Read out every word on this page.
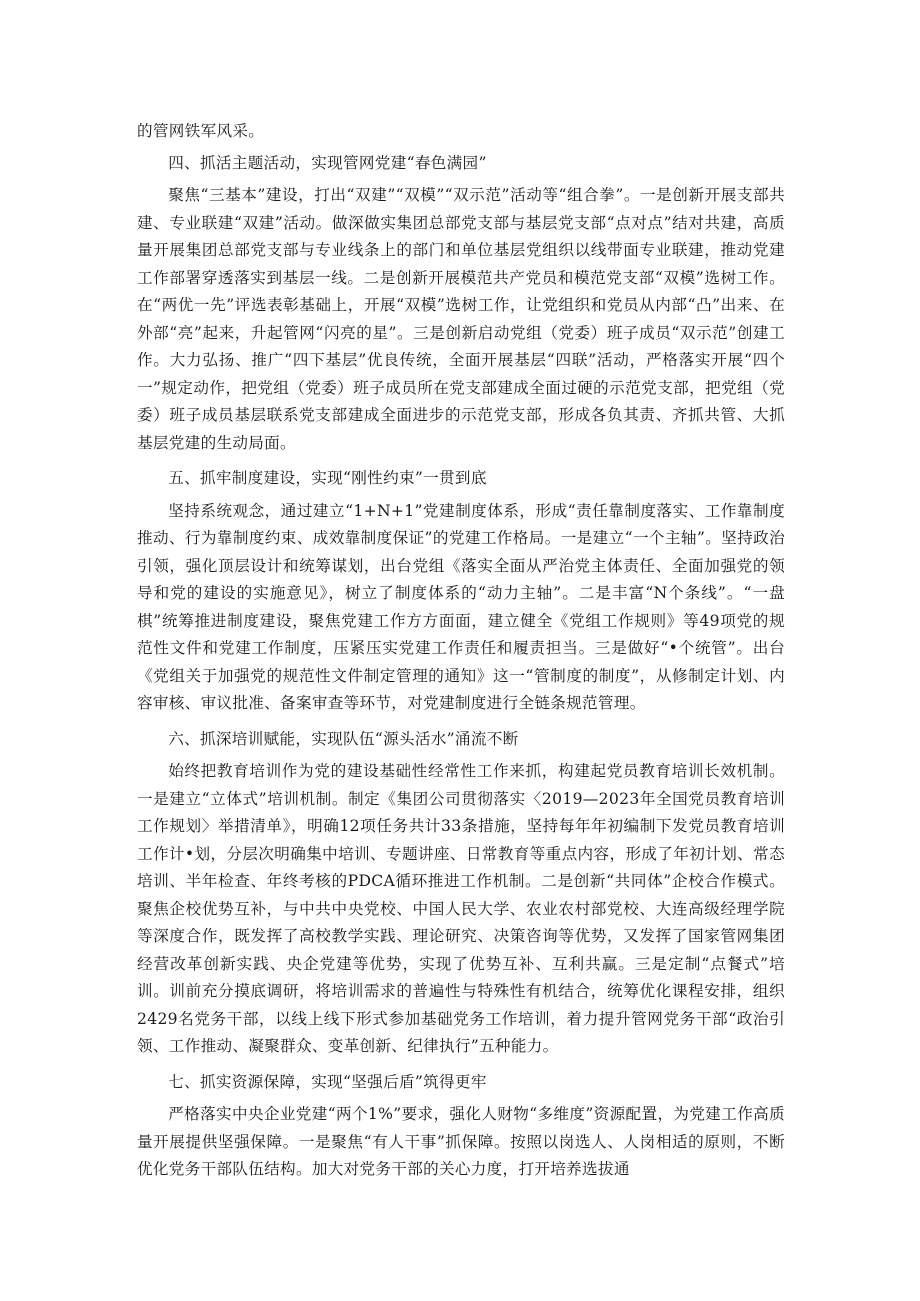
的管网铁军风采。

四、抓活主题活动，实现管网党建“春色满园”

聚焦“三基本”建设，打出“双建”“双模”“双示范”活动等“组合拳”。一是创新开展支部共建、专业联建“双建”活动。做深做实集团总部党支部与基层党支部“点对点”结对共建，高质量开展集团总部党支部与专业线条上的部门和单位基层党组织以线带面专业联建，推动党建工作部署穿透落实到基层一线。二是创新开展模范共产党员和模范党支部“双模”选树工作。在“两优一先”评选表彰基础上，开展“双模”选树工作，让党组织和党员从内部“凸”出来、在外部“亮”起来，升起管网“闪亮的星”。三是创新启动党组（党委）班子成员“双示范”创建工作。大力弘扬、推广“四下基层”优良传统，全面开展基层“四联”活动，严格落实开展“四个一”规定动作，把党组（党委）班子成员所在党支部建成全面过硬的示范党支部，把党组（党委）班子成员基层联系党支部建成全面进步的示范党支部，形成各负其责、齐抓共管、大抓基层党建的生动局面。

五、抓牢制度建设，实现“刚性约束”一贯到底

坚持系统观念，通过建立“1+N+1”党建制度体系，形成“责任靠制度落实、工作靠制度推动、行为靠制度约束、成效靠制度保证”的党建工作格局。一是建立“一个主轴”。坚持政治引领，强化顶层设计和统筹谋划，出台党组《落实全面从严治党主体责任、全面加强党的领导和党的建设的实施意见》，树立了制度体系的“动力主轴”。二是丰富“N个条线”。“一盘棋”统筹推进制度建设，聚焦党建工作方方面面，建立健全《党组工作规则》等49项党的规范性文件和党建工作制度，压紧压实党建工作责任和履责担当。三是做好“•个统管”。出台《党组关于加强党的规范性文件制定管理的通知》这一“管制度的制度”，从修制定计划、内容审核、审议批准、备案审查等环节，对党建制度进行全链条规范管理。

六、抓深培训赋能，实现队伍“源头活水”涌流不断

始终把教育培训作为党的建设基础性经常性工作来抓，构建起党员教育培训长效机制。一是建立“立体式”培训机制。制定《集团公司贯彻落实〈2019—2023年全国党员教育培训工作规划〉举措清单》，明确12项任务共计33条措施，坚持每年年初编制下发党员教育培训工作计•划，分层次明确集中培训、专题讲座、日常教育等重点内容，形成了年初计划、常态培训、半年检查、年终考核的PDCA循环推进工作机制。二是创新“共同体”企校合作模式。聚焦企校优势互补，与中共中央党校、中国人民大学、农业农村部党校、大连高级经理学院等深度合作，既发挥了高校教学实践、理论研究、决策咨询等优势，又发挥了国家管网集团经营改革创新实践、央企党建等优势，实现了优势互补、互利共赢。三是定制“点餐式”培训。训前充分摸底调研，将培训需求的普遍性与特殊性有机结合，统筹优化课程安排，组织2429名党务干部，以线上线下形式参加基础党务工作培训，着力提升管网党务干部“政治引领、工作推动、凝聚群众、变革创新、纪律执行”五种能力。

七、抓实资源保障，实现“坚强后盾”筑得更牢

严格落实中央企业党建“两个1%”要求，强化人财物“多维度”资源配置，为党建工作高质量开展提供坚强保障。一是聚焦“有人干事”抓保障。按照以岗选人、人岗相适的原则，不断优化党务干部队伍结构。加大对党务干部的关心力度，打开培养选拔通
